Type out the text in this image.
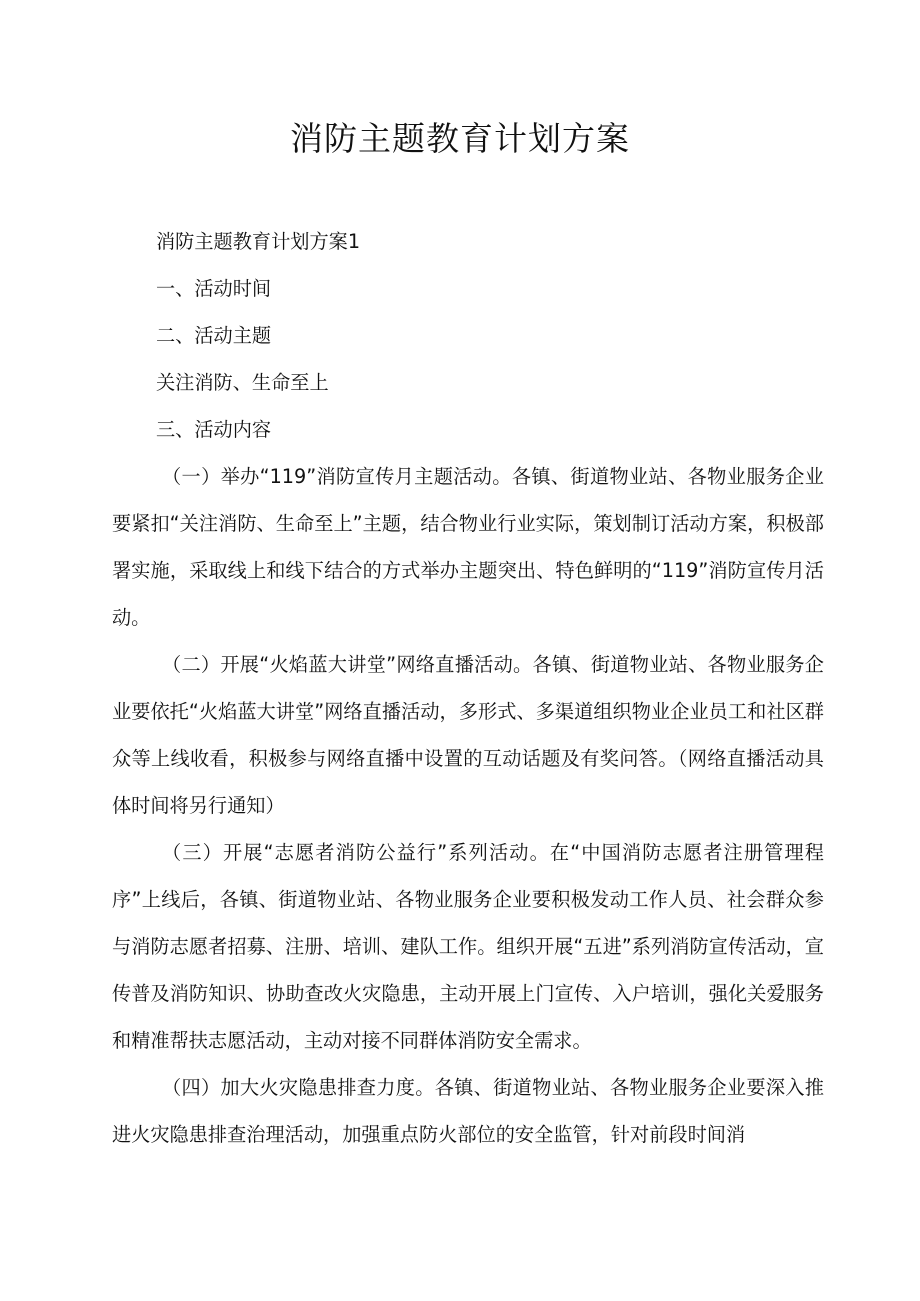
消防主题教育计划方案

消防主题教育计划方案1

一、活动时间

二、活动主题

关注消防、生命至上

三、活动内容

（一）举办“119”消防宣传月主题活动。各镇、街道物业站、各物业服务企业要紧扣“关注消防、生命至上”主题，结合物业行业实际，策划制订活动方案，积极部署实施，采取线上和线下结合的方式举办主题突出、特色鲜明的“119”消防宣传月活动。

（二）开展“火焰蓝大讲堂”网络直播活动。各镇、街道物业站、各物业服务企业要依托“火焰蓝大讲堂”网络直播活动，多形式、多渠道组织物业企业员工和社区群众等上线收看，积极参与网络直播中设置的互动话题及有奖问答。（网络直播活动具体时间将另行通知）

（三）开展“志愿者消防公益行”系列活动。在“中国消防志愿者注册管理程序”上线后，各镇、街道物业站、各物业服务企业要积极发动工作人员、社会群众参与消防志愿者招募、注册、培训、建队工作。组织开展“五进”系列消防宣传活动，宣传普及消防知识、协助查改火灾隐患，主动开展上门宣传、入户培训，强化关爱服务和精准帮扶志愿活动，主动对接不同群体消防安全需求。

（四）加大火灾隐患排查力度。各镇、街道物业站、各物业服务企业要深入推进火灾隐患排查治理活动，加强重点防火部位的安全监管，针对前段时间消
